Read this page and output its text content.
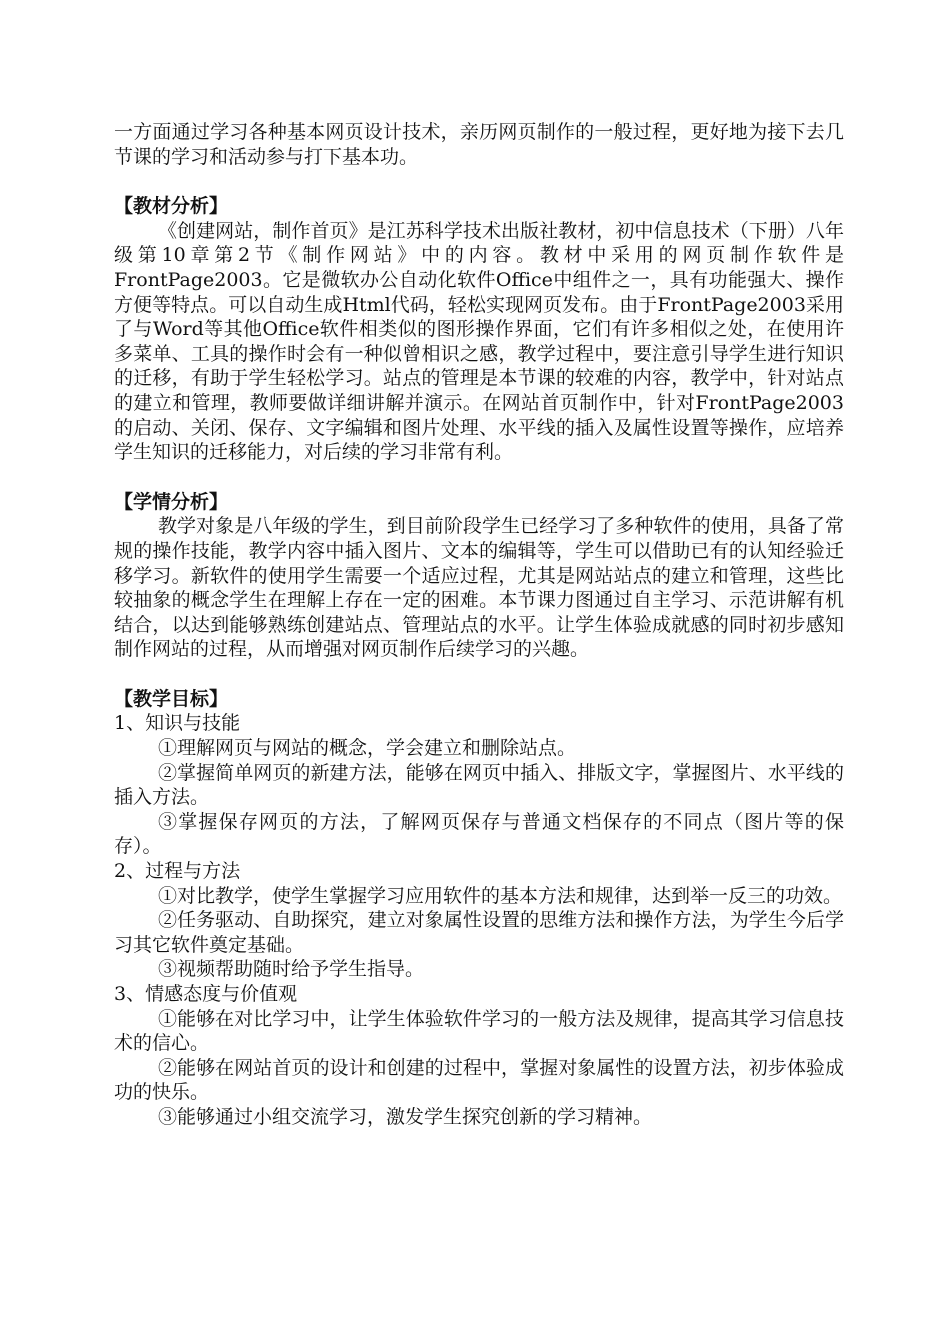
一方面通过学习各种基本网页设计技术，亲历网页制作的一般过程，更好地为接下去几节课的学习和活动参与打下基本功。

【教材分析】

《创建网站，制作首页》是江苏科学技术出版社教材，初中信息技术（下册）八年级第10章第2节《制作网站》中的内容。教材中采用的网页制作软件是FrontPage2003。它是微软办公自动化软件Office中组件之一，具有功能强大、操作方便等特点。可以自动生成Html代码，轻松实现网页发布。由于FrontPage2003采用了与Word等其他Office软件相类似的图形操作界面，它们有许多相似之处，在使用许多菜单、工具的操作时会有一种似曾相识之感，教学过程中，要注意引导学生进行知识的迁移，有助于学生轻松学习。站点的管理是本节课的较难的内容，教学中，针对站点的建立和管理，教师要做详细讲解并演示。在网站首页制作中，针对FrontPage2003的启动、关闭、保存、文字编辑和图片处理、水平线的插入及属性设置等操作，应培养学生知识的迁移能力，对后续的学习非常有利。

【学情分析】

教学对象是八年级的学生，到目前阶段学生已经学习了多种软件的使用，具备了常规的操作技能，教学内容中插入图片、文本的编辑等，学生可以借助已有的认知经验迁移学习。新软件的使用学生需要一个适应过程，尤其是网站站点的建立和管理，这些比较抽象的概念学生在理解上存在一定的困难。本节课力图通过自主学习、示范讲解有机结合，以达到能够熟练创建站点、管理站点的水平。让学生体验成就感的同时初步感知制作网站的过程，从而增强对网页制作后续学习的兴趣。

【教学目标】

1、知识与技能

①理解网页与网站的概念，学会建立和删除站点。

②掌握简单网页的新建方法，能够在网页中插入、排版文字，掌握图片、水平线的插入方法。

③掌握保存网页的方法，了解网页保存与普通文档保存的不同点（图片等的保存）。

2、过程与方法

①对比教学，使学生掌握学习应用软件的基本方法和规律，达到举一反三的功效。

②任务驱动、自助探究，建立对象属性设置的思维方法和操作方法，为学生今后学习其它软件奠定基础。

③视频帮助随时给予学生指导。

3、情感态度与价值观

①能够在对比学习中，让学生体验软件学习的一般方法及规律，提高其学习信息技术的信心。

②能够在网站首页的设计和创建的过程中，掌握对象属性的设置方法，初步体验成功的快乐。

③能够通过小组交流学习，激发学生探究创新的学习精神。
